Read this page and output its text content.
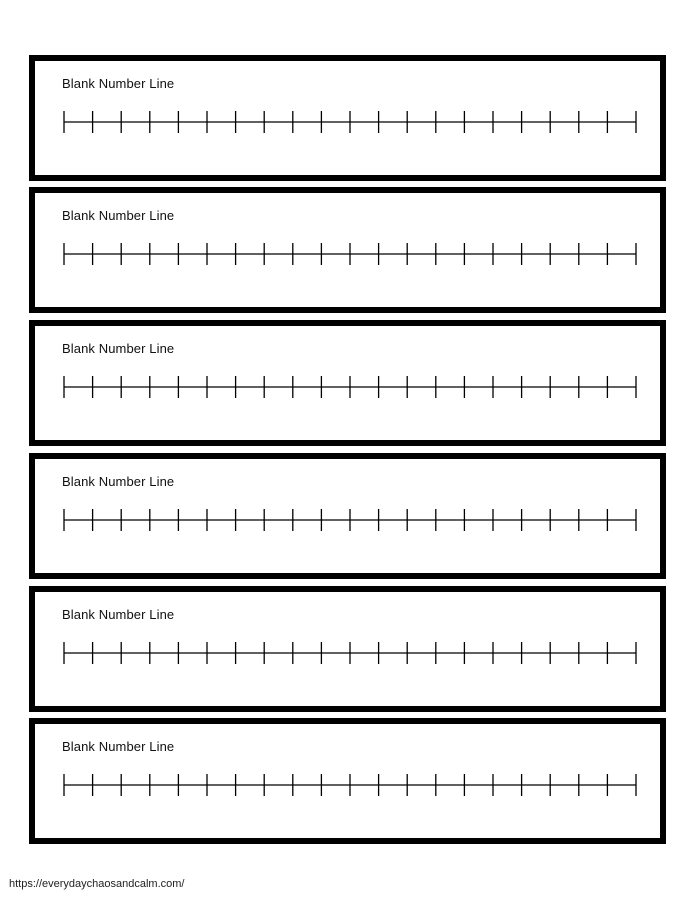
Blank Number Line
Blank Number Line
Blank Number Line
Blank Number Line
Blank Number Line
Blank Number Line
https://everydaychaosandcalm.com/
